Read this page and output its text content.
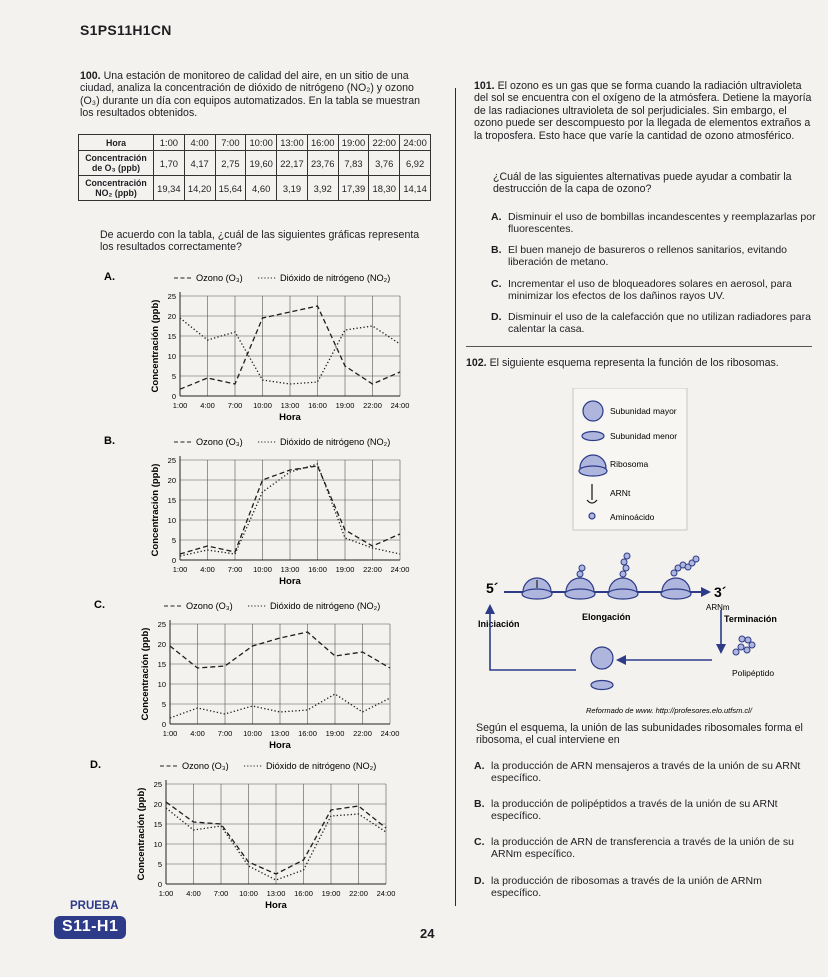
S1PS11H1CN
100. Una estación de monitoreo de calidad del aire, en un sitio de una ciudad, analiza la concentración de dióxido de nitrógeno (NO₂) y ozono (O₃) durante un día con equipos automatizados. En la tabla se muestran los resultados obtenidos.
Hora	1:00	4:00	7:00	10:00	13:00	16:00	19:00	22:00	24:00

Concentración
de O₃ (ppb)	1,70	4,17	2,75	19,60	22,17	23,76	7,83	3,76	6,92

Concentración
NO₂ (ppb)	19,34	14,20	15,64	4,60	3,19	3,92	17,39	18,30	14,14
De acuerdo con la tabla, ¿cuál de las siguientes gráficas representa los resultados correctamente?
A.	Ozono (O₃)	Dióxido de nitrógeno (NO₂)
0
5
10
15
20
25
1:00 4:00 7:00 10:00 13:00 16:00 19:00 22:00 24:00
Hora
Concentración (ppb)
B.	Ozono (O₃)	Dióxido de nitrógeno (NO₂)
0
5
10
15
20
25
1:00 4:00 7:00 10:00 13:00 16:00 19:00 22:00 24:00
Hora
Concentración (ppb)
C.	Ozono (O₃)	Dióxido de nitrógeno (NO₂)
0
5
10
15
20
25
1:00 4:00 7:00 10:00 13:00 16:00 19:00 22:00 24:00
Hora
Concentración (ppb)
D.	Ozono (O₃)	Dióxido de nitrógeno (NO₂)
0
5
10
15
20
25
1:00 4:00 7:00 10:00 13:00 16:00 19:00 22:00 24:00
Hora
Concentración (ppb)
101. El ozono es un gas que se forma cuando la radiación ultravioleta del sol se encuentra con el oxígeno de la atmósfera. Detiene la mayoría de las radiaciones ultravioleta de sol perjudiciales. Sin embargo, el ozono puede ser descompuesto por la llegada de elementos extraños a la troposfera. Esto hace que varíe la cantidad de ozono atmosférico.
¿Cuál de las siguientes alternativas puede ayudar a combatir la destrucción de la capa de ozono?
A. Disminuir el uso de bombillas incandescentes y reemplazarlas por fluorescentes.
B. El buen manejo de basureros o rellenos sanitarios, evitando liberación de metano.
C. Incrementar el uso de bloqueadores solares en aerosol, para minimizar los efectos de los dañinos rayos UV.
D. Disminuir el uso de la calefacción que no utilizan radiadores para calentar la casa.
102. El siguiente esquema representa la función de los ribosomas.
Subunidad mayor
Subunidad menor
Ribosoma
ARNt
Aminoácido
5´	3´
ARNm
Elongación
Iniciación	Terminación
Polipéptido
Reformado de www. http://profesores.elo.utfsm.cl/
Según el esquema, la unión de las subunidades ribosomales forma el ribosoma, el cual interviene en
A. la producción de ARN mensajeros a través de la unión de su ARNt específico.
B. la producción de polipéptidos a través de la unión de su ARNt específico.
C. la producción de ARN de transferencia a través de la unión de su ARNm específico.
D. la producción de ribosomas a través de la unión de ARNm específico.
PRUEBA
S11-H1	24
